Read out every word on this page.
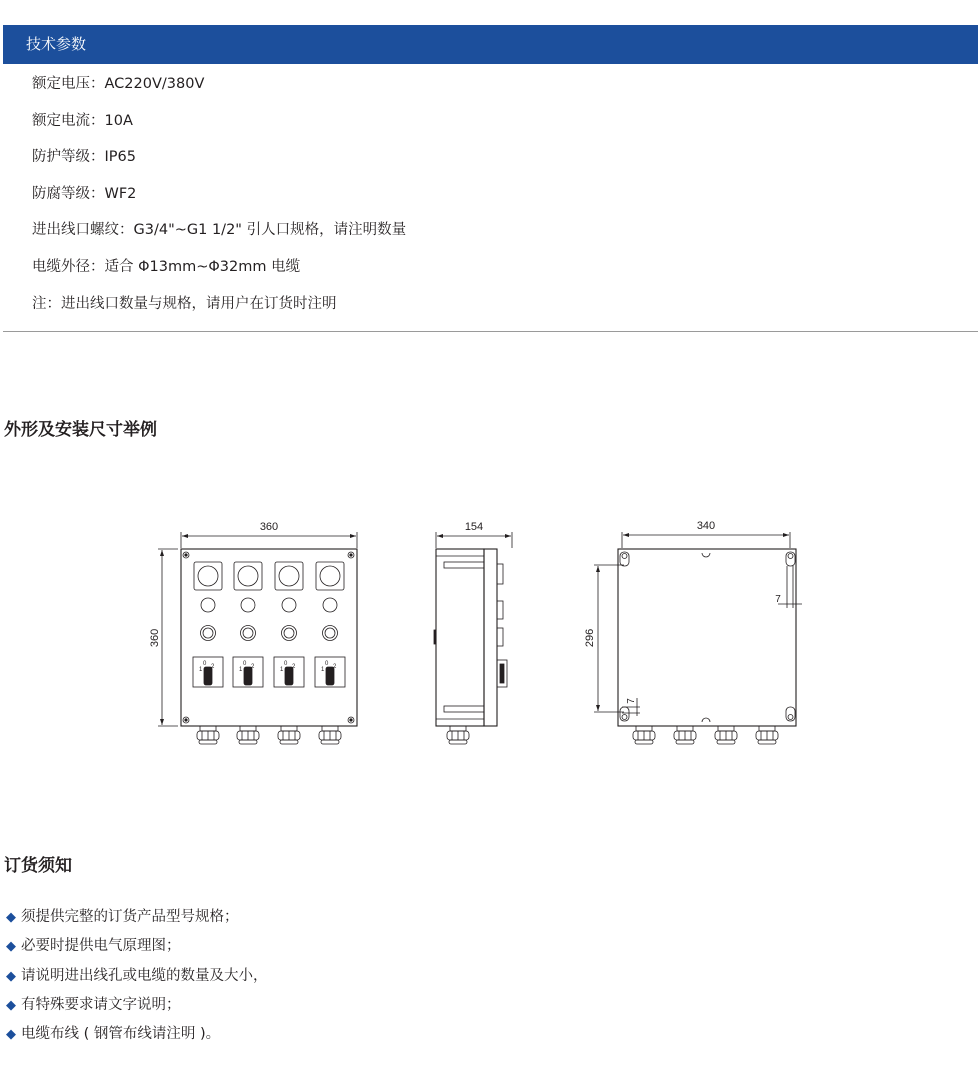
技术参数
额定电压：AC220V/380V
额定电流：10A
防护等级：IP65
防腐等级：WF2
进出线口螺纹：G3/4"~G1 1/2" 引人口规格，请注明数量
电缆外径：适合 Φ13mm~Φ32mm 电缆
注：进出线口数量与规格，请用户在订货时注明
外形及安装尺寸举例
360
360
0
1 2	0
1 2	0
1 2	0
1 2
154	340
296
7
7
订货须知
◆ 须提供完整的订货产品型号规格；
◆ 必要时提供电气原理图；
◆ 请说明进出线孔或电缆的数量及大小，
◆ 有特殊要求请文字说明；
◆ 电缆布线 ( 钢管布线请注明 )。
